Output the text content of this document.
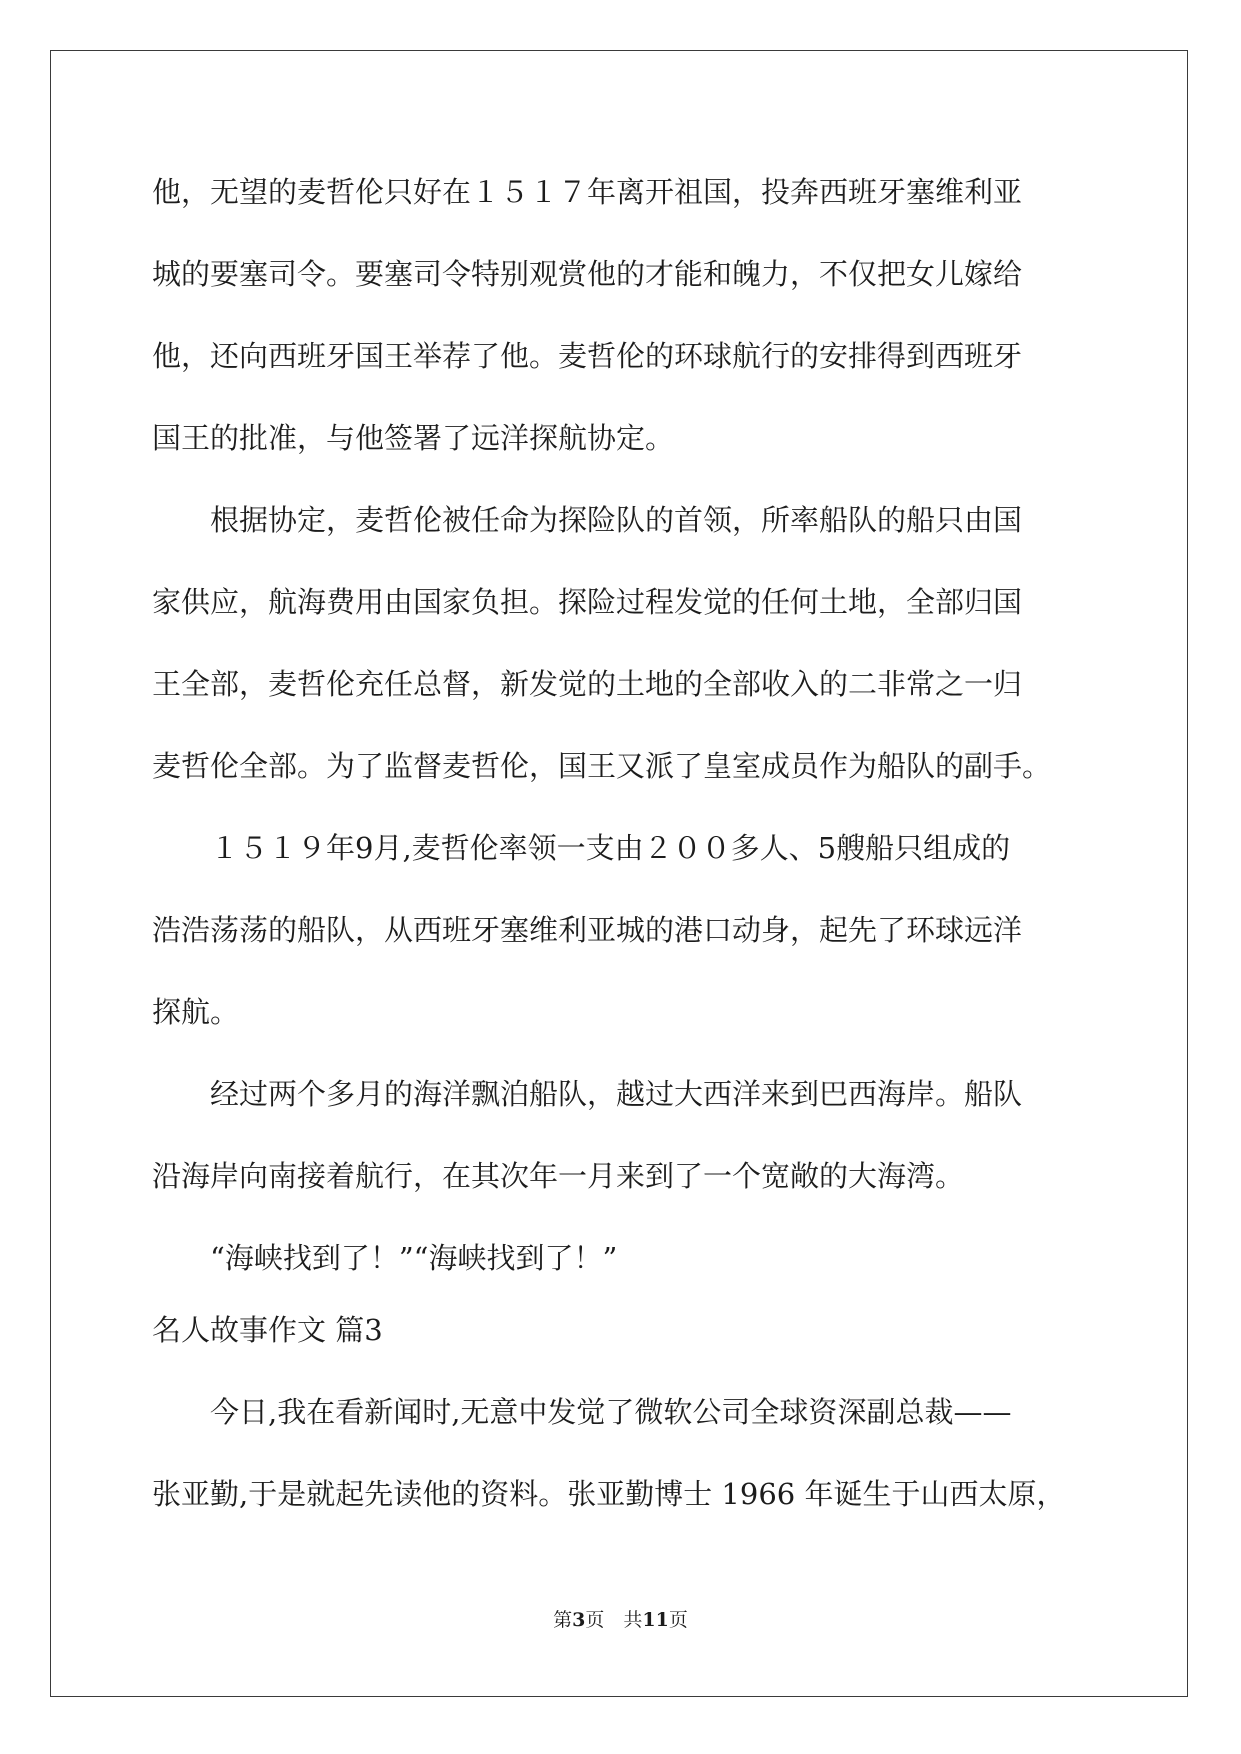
他，无望的麦哲伦只好在１５１７年离开祖国，投奔西班牙塞维利亚
城的要塞司令。要塞司令特别观赏他的才能和魄力，不仅把女儿嫁给
他，还向西班牙国王举荐了他。麦哲伦的环球航行的安排得到西班牙
国王的批准，与他签署了远洋探航协定。
根据协定，麦哲伦被任命为探险队的首领，所率船队的船只由国
家供应，航海费用由国家负担。探险过程发觉的任何土地，全部归国
王全部，麦哲伦充任总督，新发觉的土地的全部收入的二非常之一归
麦哲伦全部。为了监督麦哲伦，国王又派了皇室成员作为船队的副手。
１５１９年9月,麦哲伦率领一支由２００多人、5艘船只组成的
浩浩荡荡的船队，从西班牙塞维利亚城的港口动身，起先了环球远洋
探航。
经过两个多月的海洋飘泊船队，越过大西洋来到巴西海岸。船队
沿海岸向南接着航行，在其次年一月来到了一个宽敞的大海湾。
“海峡找到了！”“海峡找到了！”
名人故事作文 篇3
今日,我在看新闻时,无意中发觉了微软公司全球资深副总裁——
张亚勤,于是就起先读他的资料。张亚勤博士 1966 年诞生于山西太原，
第3页　共11页
